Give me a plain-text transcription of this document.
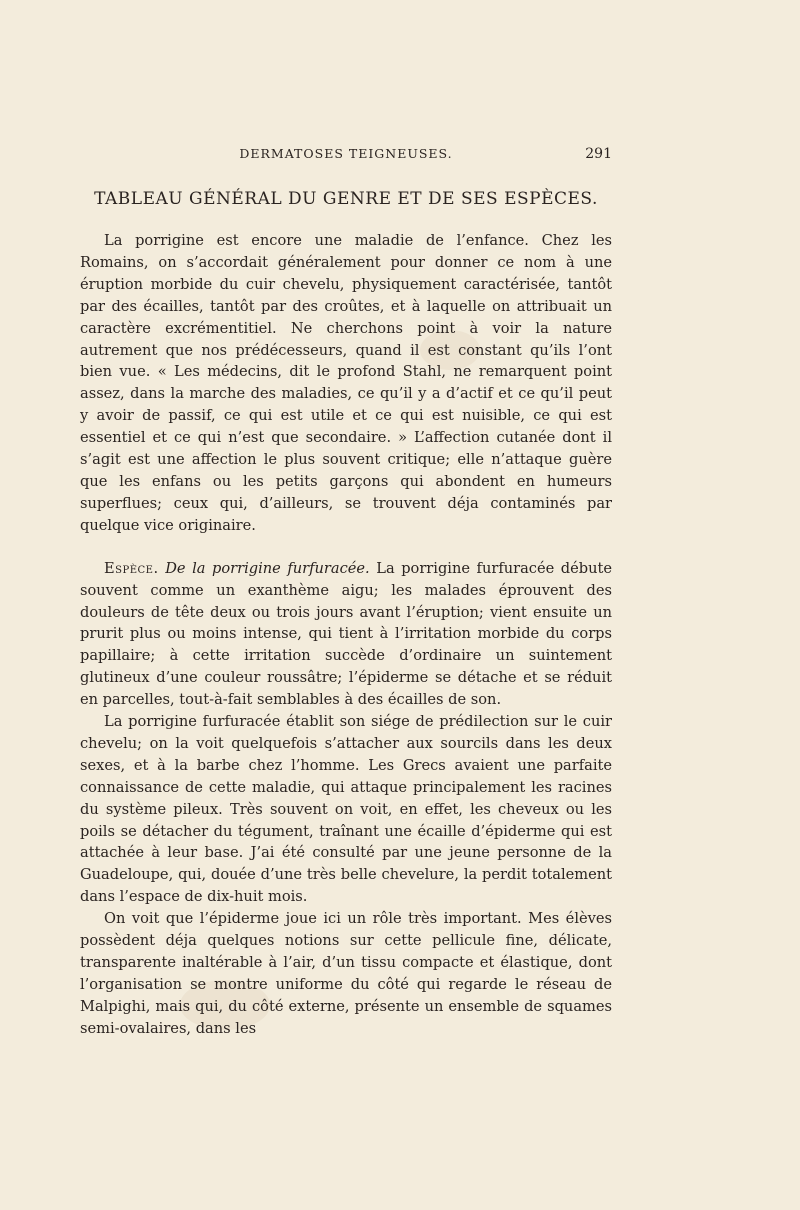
DERMATOSES TEIGNEUSES.	291
TABLEAU GÉNÉRAL DU GENRE ET DE SES ESPÈCES.

La porrigine est encore une maladie de l’enfance. Chez les Romains, on s’accordait généralement pour donner ce nom à une éruption morbide du cuir chevelu, physiquement caractérisée, tantôt par des écailles, tantôt par des croûtes, et à laquelle on attribuait un caractère excrémentitiel. Ne cherchons point à voir la nature autrement que nos prédécesseurs, quand il est constant qu’ils l’ont bien vue. « Les médecins, dit le profond Stahl, ne remarquent point assez, dans la marche des maladies, ce qu’il y a d’actif et ce qu’il peut y avoir de passif, ce qui est utile et ce qui est nuisible, ce qui est essentiel et ce qui n’est que secondaire. » L’affection cutanée dont il s’agit est une affection le plus souvent critique; elle n’attaque guère que les enfans ou les petits garçons qui abondent en humeurs superflues; ceux qui, d’ailleurs, se trouvent déja contaminés par quelque vice originaire.

Espèce. De la porrigine furfuracée. La porrigine furfuracée débute souvent comme un exanthème aigu; les malades éprouvent des douleurs de tête deux ou trois jours avant l’éruption; vient ensuite un prurit plus ou moins intense, qui tient à l’irritation morbide du corps papillaire; à cette irritation succède d’ordinaire un suintement glutineux d’une couleur roussâtre; l’épiderme se détache et se réduit en parcelles, tout-à-fait semblables à des écailles de son.

La porrigine furfuracée établit son siége de prédilection sur le cuir chevelu; on la voit quelquefois s’attacher aux sourcils dans les deux sexes, et à la barbe chez l’homme. Les Grecs avaient une parfaite connaissance de cette maladie, qui attaque principalement les racines du système pileux. Très souvent on voit, en effet, les cheveux ou les poils se détacher du tégument, traînant une écaille d’épiderme qui est attachée à leur base. J’ai été consulté par une jeune personne de la Guadeloupe, qui, douée d’une très belle chevelure, la perdit totalement dans l’espace de dix-huit mois.

On voit que l’épiderme joue ici un rôle très important. Mes élèves possèdent déja quelques notions sur cette pellicule fine, délicate, transparente inaltérable à l’air, d’un tissu compacte et élastique, dont l’organisation se montre uniforme du côté qui regarde le réseau de Malpighi, mais qui, du côté externe, présente un ensemble de squames semi-ovalaires, dans les
